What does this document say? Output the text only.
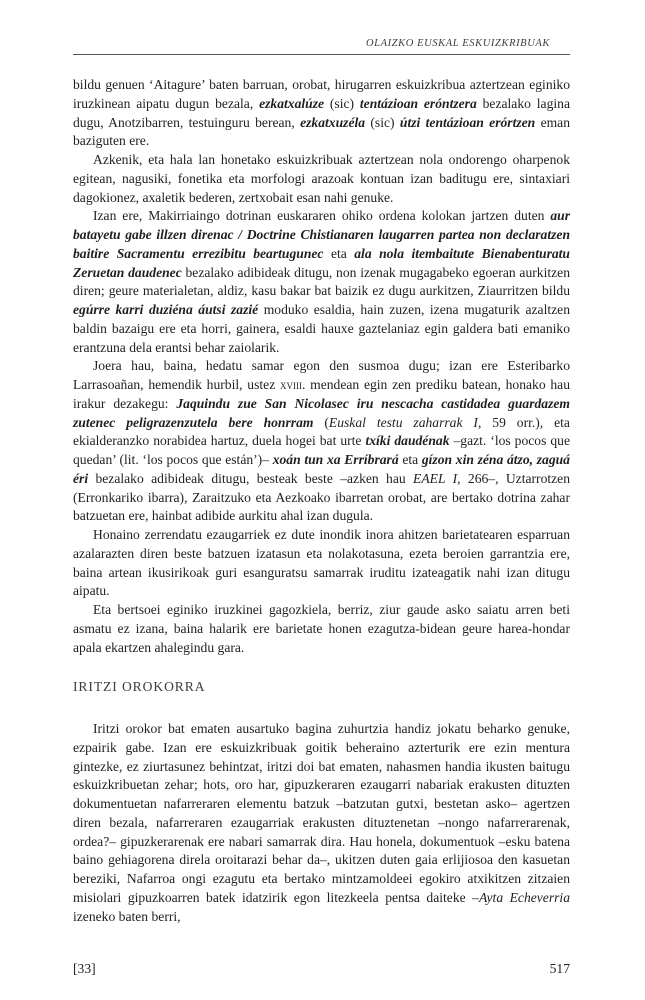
OLAIZKO EUSKAL ESKUIZKRIBUAK

bildu genuen ‘Aitagure’ baten barruan, orobat, hirugarren eskuizkribua aztertzean eginiko iruzkinean aipatu dugun bezala, ezkatxalúze (sic) tentázioan eróntzera bezalako lagina dugu, Anotzibarren, testuinguru berean, ezkatxuzéla (sic) útzi tentázioan erórtzen eman baziguten ere.

Azkenik, eta hala lan honetako eskuizkribuak aztertzean nola ondorengo oharpenok egitean, nagusiki, fonetika eta morfologi arazoak kontuan izan baditugu ere, sintaxiari dagokionez, axaletik bederen, zertxobait esan nahi genuke.

Izan ere, Makirriaingo dotrinan euskararen ohiko ordena kolokan jartzen duten aur batayetu gabe illzen direnac / Doctrine Chistianaren laugarren partea non declaratzen baitire Sacramentu errezibitu beartugunec eta ala nola itembaitute Bienabenturatu Zeruetan daudenec bezalako adibideak ditugu, non izenak mugagabeko egoeran aurkitzen diren; geure materialetan, aldiz, kasu bakar bat baizik ez dugu aurkitzen, Ziaurritzen bildu egúrre karri duziéna áutsi zazié moduko esaldia, hain zuzen, izena mugaturik azaltzen baldin bazaigu ere eta horri, gainera, esaldi hauxe gaztelaniaz egin galdera bati emaniko erantzuna dela erantsi behar zaiolarik.

Joera hau, baina, hedatu samar egon den susmoa dugu; izan ere Esteribarko Larrasoañan, hemendik hurbil, ustez xviii. mendean egin zen prediku batean, honako hau irakur dezakegu: Jaquindu zue San Nicolasec iru nescacha castidadea guardazem zutenec peligrazenzutela bere honrram (Euskal testu zaharrak I, 59 orr.), eta ekialderanzko norabidea hartuz, duela hogei bat urte txíki daudénak –gazt. ‘los pocos que quedan’ (lit. ‘los pocos que están’)– xoán tun xa Erríbrará eta gízon xin zéna átzo, zaguá éri bezalako adibideak ditugu, besteak beste –azken hau EAEL I, 266–, Uztarrotzen (Erronkariko ibarra), Zaraitzuko eta Aezkoako ibarretan orobat, are bertako dotrina zahar batzuetan ere, hainbat adibide aurkitu ahal izan dugula.

Honaino zerrendatu ezaugarriek ez dute inondik inora ahitzen barietatearen esparruan azalarazten diren beste batzuen izatasun eta nolakotasuna, ezeta beroien garrantzia ere, baina artean ikusirikoak guri esanguratsu samarrak iruditu izateagatik nahi izan ditugu aipatu.

Eta bertsoei eginiko iruzkinei gagozkiela, berriz, ziur gaude asko saiatu arren beti asmatu ez izana, baina halarik ere barietate honen ezagutza-bidean geure harea-hondar apala ekartzen ahalegindu gara.

IRITZI OROKORRA

Iritzi orokor bat ematen ausartuko bagina zuhurtzia handiz jokatu beharko genuke, ezpairik gabe. Izan ere eskuizkribuak goitik beheraino azterturik ere ezin mentura gintezke, ez ziurtasunez behintzat, iritzi doi bat ematen, nahasmen handia ikusten baitugu eskuizkribuetan zehar; hots, oro har, gipuzkeraren ezaugarri nabariak erakusten dituzten dokumentuetan nafarreraren elementu batzuk –batzutan gutxi, bestetan asko– agertzen diren bezala, nafarreraren ezaugarriak erakusten dituztenetan –nongo nafarrerarenak, ordea?– gipuzkerarenak ere nabari samarrak dira. Hau honela, dokumentuok –esku batena baino gehiagorena direla oroitarazi behar da–, ukitzen duten gaia erlijiosoa den kasuetan bereziki, Nafarroa ongi ezagutu eta bertako mintzamoldeei egokiro atxikitzen zitzaien misiolari gipuzkoarren batek idatzirik egon litezkeela pentsa daiteke –Ayta Echeverria izeneko baten berri,

[33]	517
